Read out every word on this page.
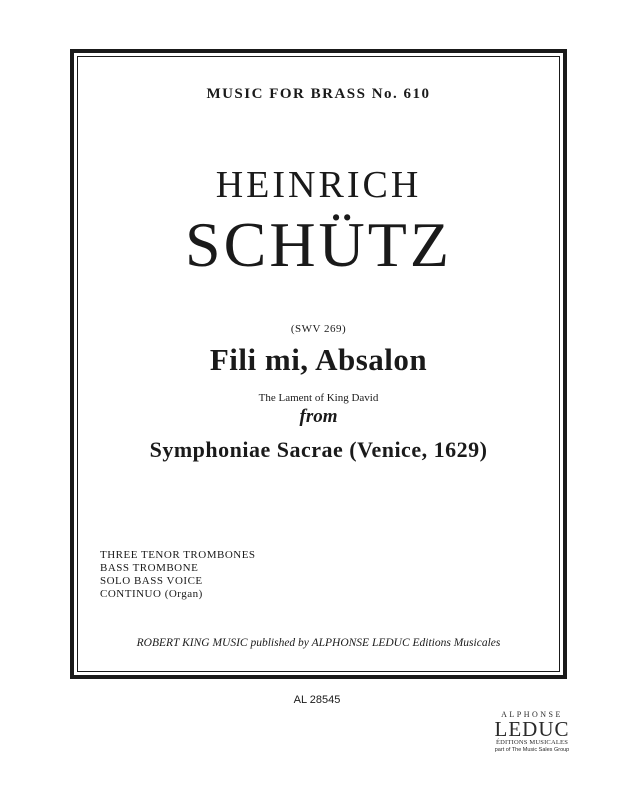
MUSIC FOR BRASS No. 610
HEINRICH
SCHÜTZ
(SWV 269)
Fili mi, Absalon
The Lament of King David
from
Symphoniae Sacrae (Venice, 1629)
THREE TENOR TROMBONES
BASS TROMBONE
SOLO BASS VOICE
CONTINUO (Organ)
ROBERT KING MUSIC published by ALPHONSE LEDUC Editions Musicales
AL 28545
ALPHONSE
LEDUC
ÉDITIONS MUSICALES
part of The Music Sales Group
